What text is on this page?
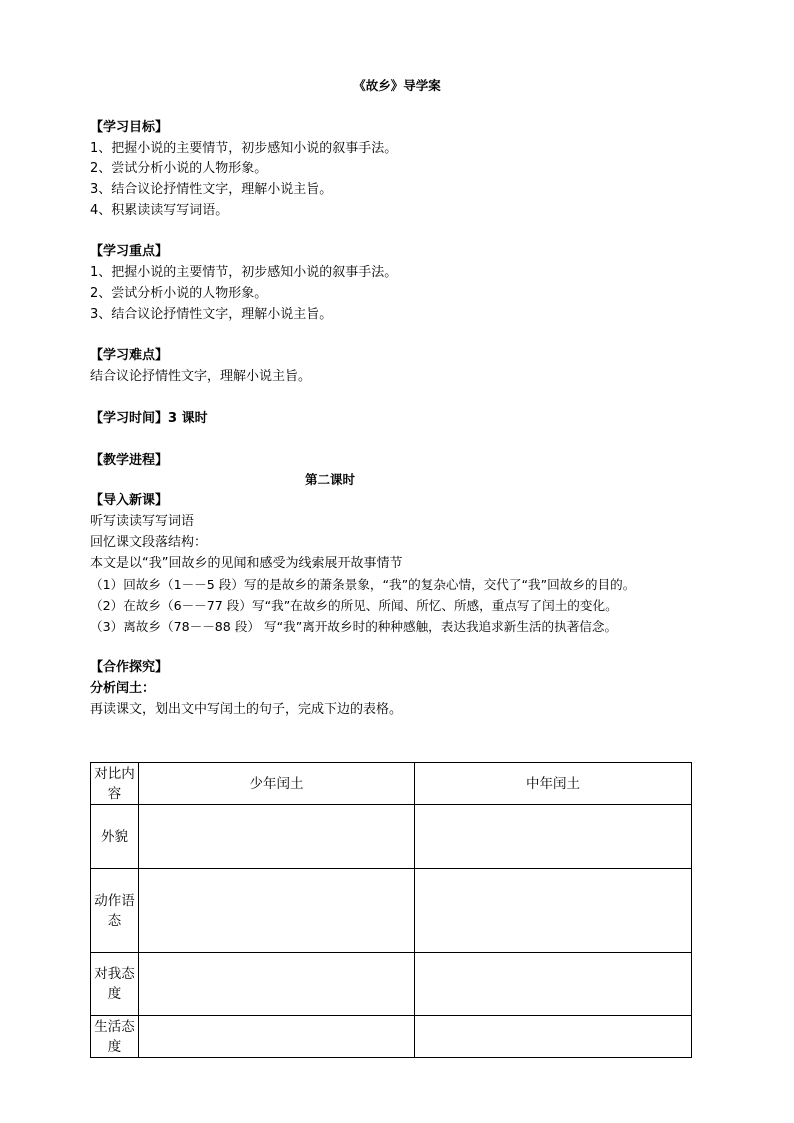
《故乡》导学案
【学习目标】
1、把握小说的主要情节，初步感知小说的叙事手法。
2、尝试分析小说的人物形象。
3、结合议论抒情性文字，理解小说主旨。
4、积累读读写写词语。
【学习重点】
1、把握小说的主要情节，初步感知小说的叙事手法。
2、尝试分析小说的人物形象。
3、结合议论抒情性文字，理解小说主旨。
【学习难点】
结合议论抒情性文字，理解小说主旨。
【学习时间】3 课时
【教学进程】
第二课时
【导入新课】
听写读读写写词语
回忆课文段落结构：
本文是以“我”回故乡的见闻和感受为线索展开故事情节
（1）回故乡（1－－5 段）写的是故乡的萧条景象，“我”的复杂心情，交代了“我”回故乡的目的。
（2）在故乡（6－－77 段）写“我”在故乡的所见、所闻、所忆、所感，重点写了闰土的变化。
（3）离故乡（78－－88 段） 写“我”离开故乡时的种种感触，表达我追求新生活的执著信念。
【合作探究】
分析闰土：
再读课文，划出文中写闰土的句子，完成下边的表格。
对比内容	少年闰土	中年闰土
外貌		
动作语态		
对我态度		
生活态度		
